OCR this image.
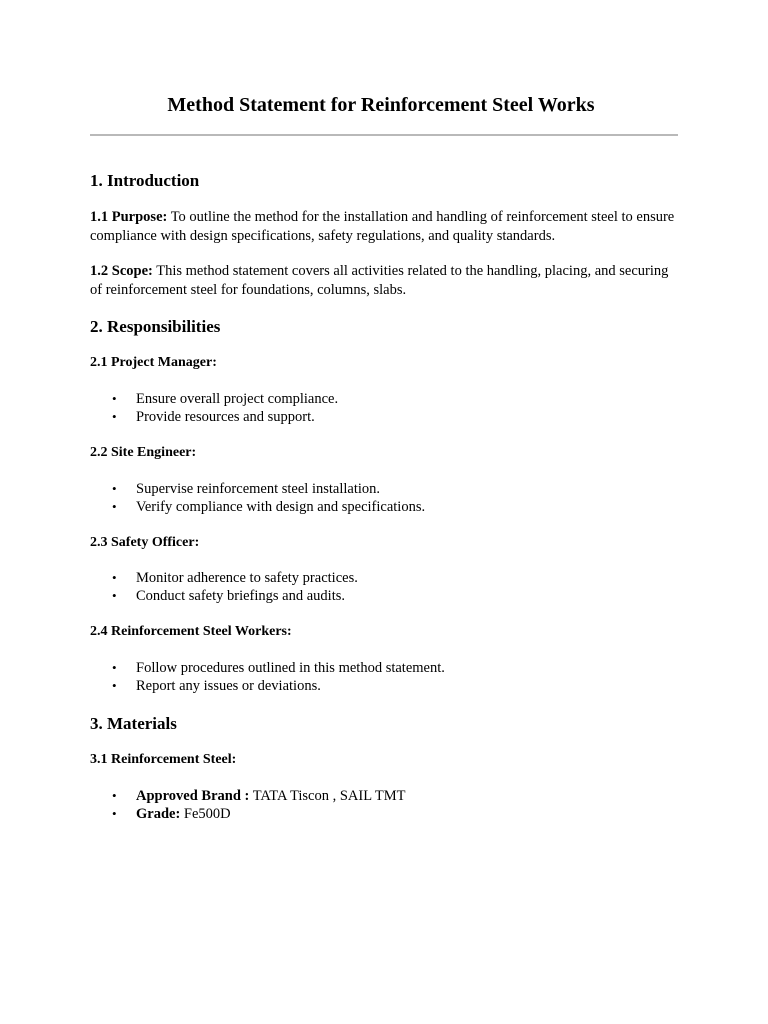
Method Statement for Reinforcement Steel Works
1. Introduction

1.1 Purpose: To outline the method for the installation and handling of reinforcement steel to ensure compliance with design specifications, safety regulations, and quality standards.

1.2 Scope: This method statement covers all activities related to the handling, placing, and securing of reinforcement steel for foundations, columns, slabs.

2. Responsibilities
2.1 Project Manager:
• Ensure overall project compliance.
• Provide resources and support.
2.2 Site Engineer:
• Supervise reinforcement steel installation.
• Verify compliance with design and specifications.
2.3 Safety Officer:
• Monitor adherence to safety practices.
• Conduct safety briefings and audits.
2.4 Reinforcement Steel Workers:
• Follow procedures outlined in this method statement.
• Report any issues or deviations.
3. Materials
3.1 Reinforcement Steel:
• Approved Brand : TATA Tiscon , SAIL TMT
• Grade: Fe500D
